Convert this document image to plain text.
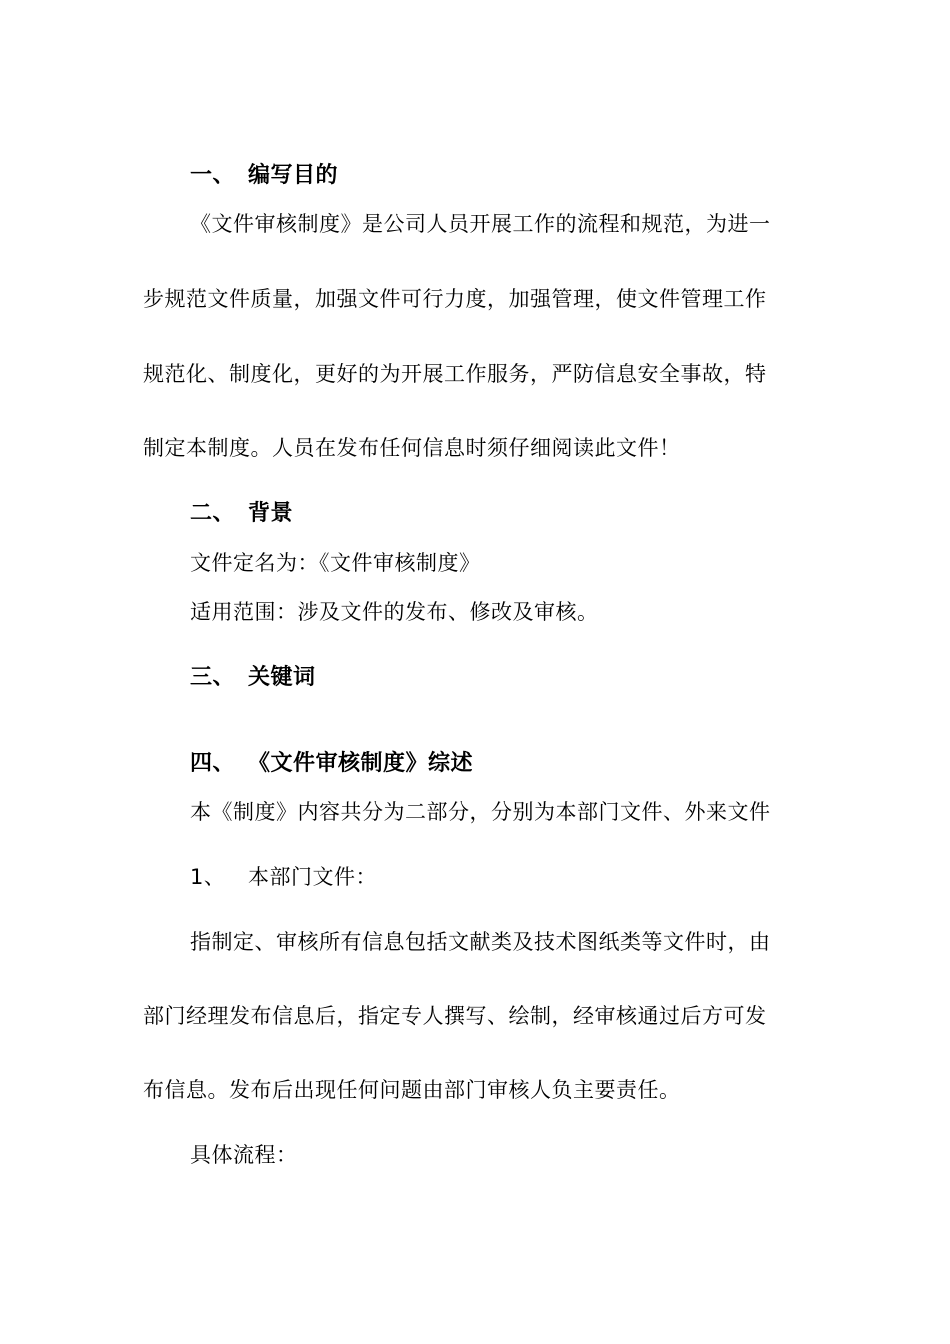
一、 编写目的
《文件审核制度》是公司人员开展工作的流程和规范，为进一
步规范文件质量，加强文件可行力度，加强管理，使文件管理工作
规范化、制度化，更好的为开展工作服务，严防信息安全事故，特
制定本制度。人员在发布任何信息时须仔细阅读此文件！
二、 背景
文件定名为：《文件审核制度》
适用范围：涉及文件的发布、修改及审核。
三、 关键词
四、 《文件审核制度》综述
本《制度》内容共分为二部分，分别为本部门文件、外来文件
1、 本部门文件：
指制定、审核所有信息包括文献类及技术图纸类等文件时，由
部门经理发布信息后，指定专人撰写、绘制，经审核通过后方可发
布信息。发布后出现任何问题由部门审核人负主要责任。
具体流程：
